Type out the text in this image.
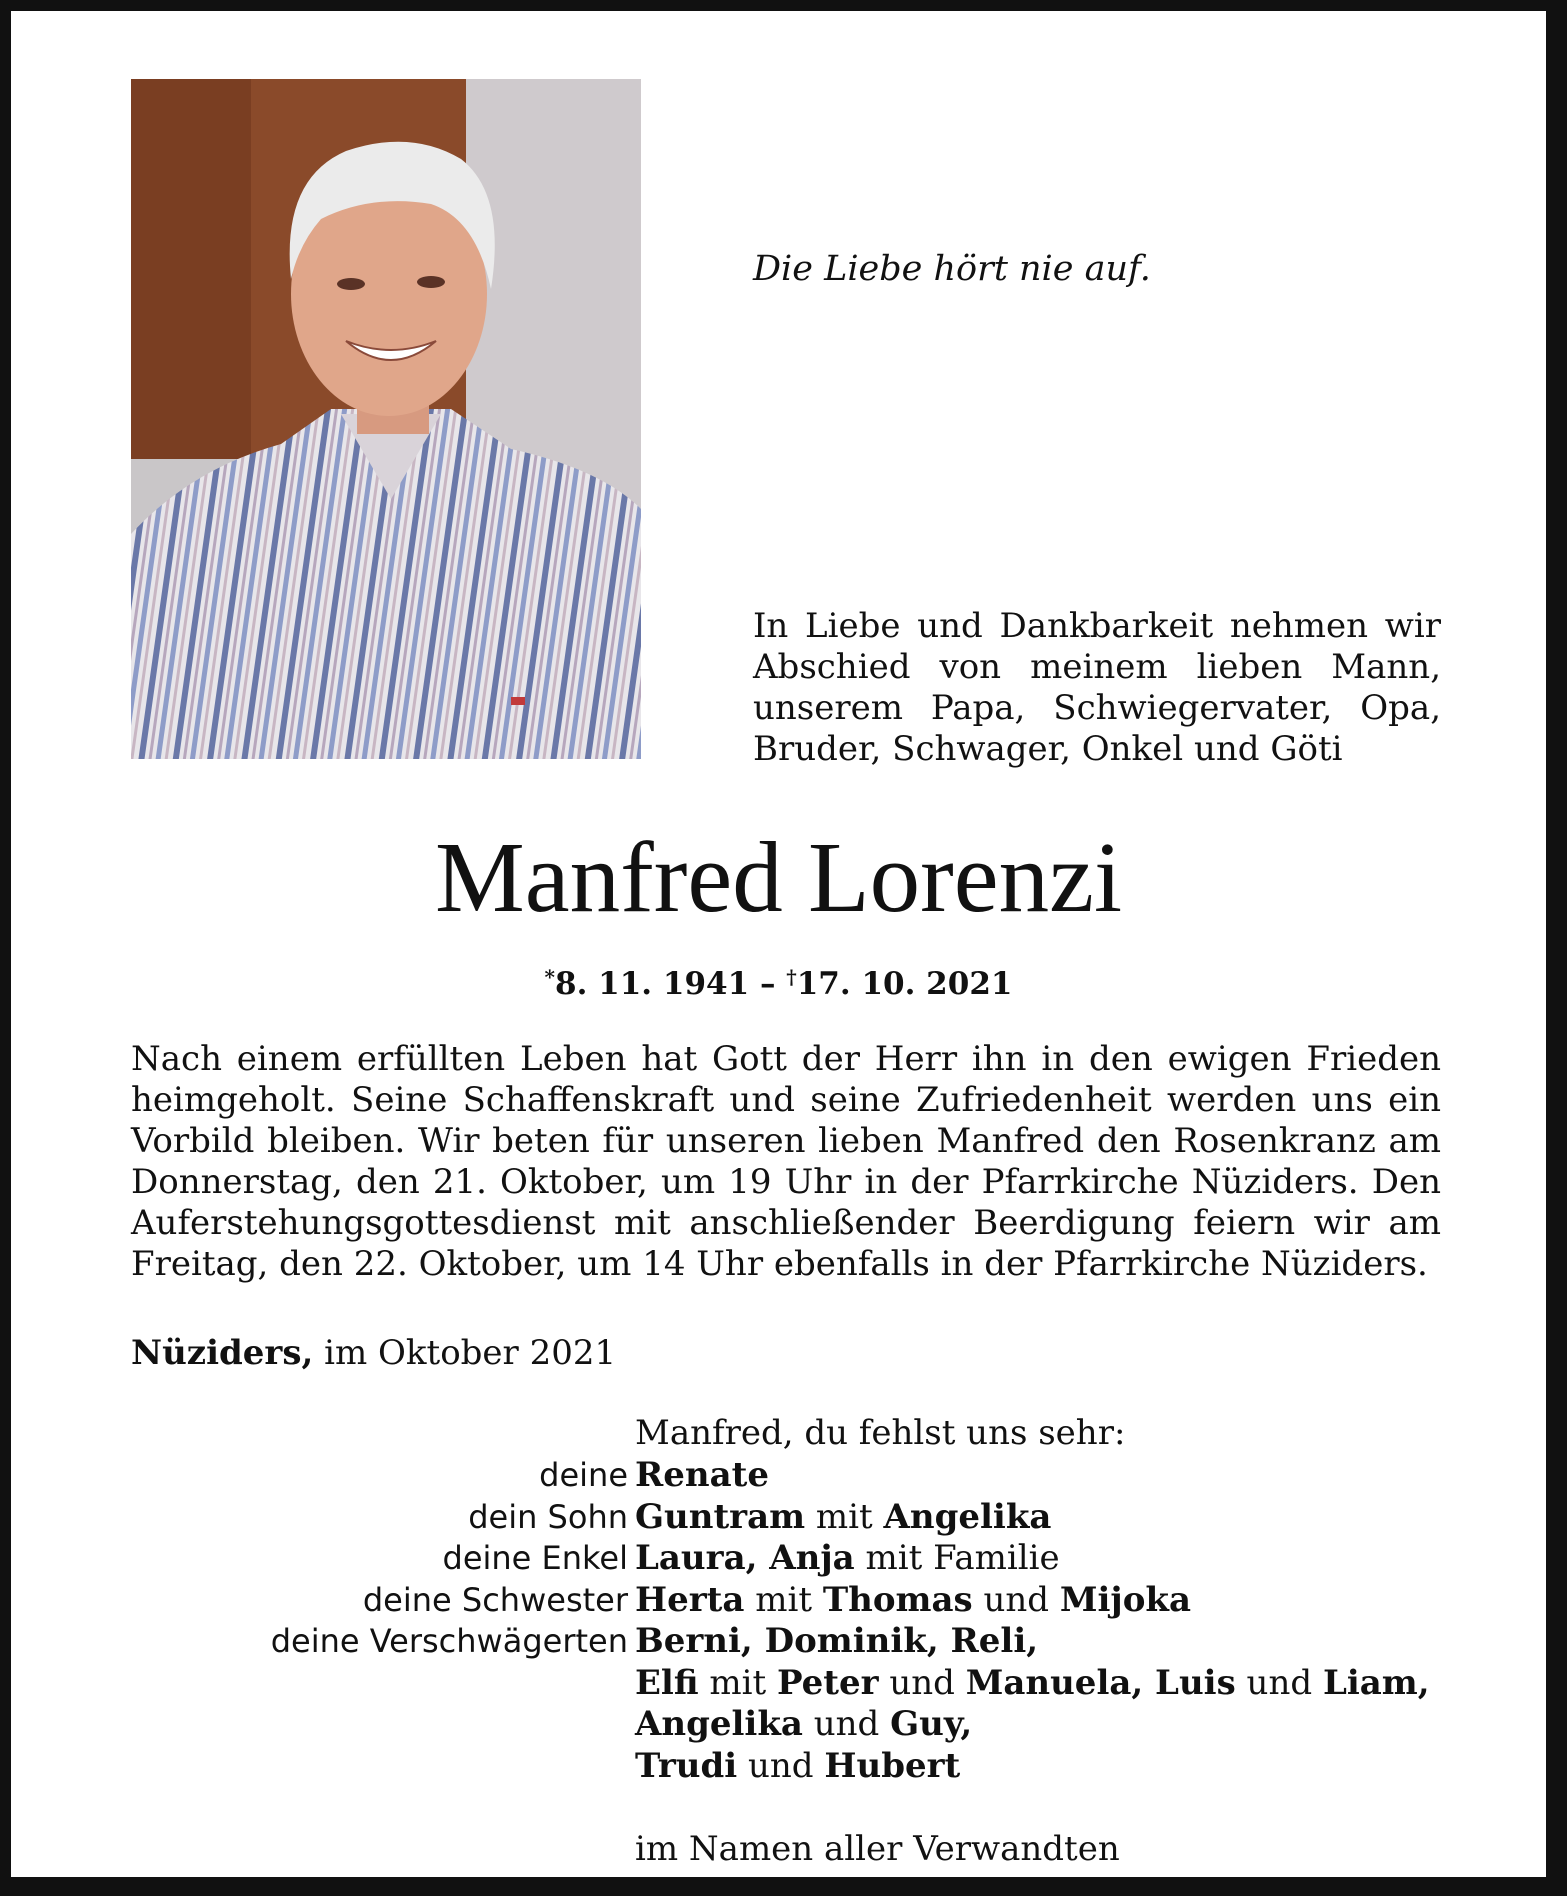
Die Liebe hört nie auf.

In Liebe und Dankbarkeit nehmen wir Abschied von meinem lieben Mann, unserem Papa, Schwiegervater, Opa, Bruder, Schwager, Onkel und Göti

Manfred Lorenzi

*8. 11. 1941 – †17. 10. 2021

Nach einem erfüllten Leben hat Gott der Herr ihn in den ewigen Frieden heimgeholt. Seine Schaffenskraft und seine Zufriedenheit werden uns ein Vorbild bleiben. Wir beten für unseren lieben Manfred den Rosenkranz am Donnerstag, den 21. Oktober, um 19 Uhr in der Pfarrkirche Nüziders. Den Auferstehungsgottesdienst mit anschließender Beerdigung feiern wir am Freitag, den 22. Oktober, um 14 Uhr ebenfalls in der Pfarrkirche Nüziders.

Nüziders, im Oktober 2021

Manfred, du fehlst uns sehr:

deine Renate
dein Sohn Guntram mit Angelika
deine Enkel Laura, Anja mit Familie
deine Schwester Herta mit Thomas und Mijoka
deine Verschwägerten Berni, Dominik, Reli,
Elfi mit Peter und Manuela, Luis und Liam,
Angelika und Guy,
Trudi und Hubert

im Namen aller Verwandten
